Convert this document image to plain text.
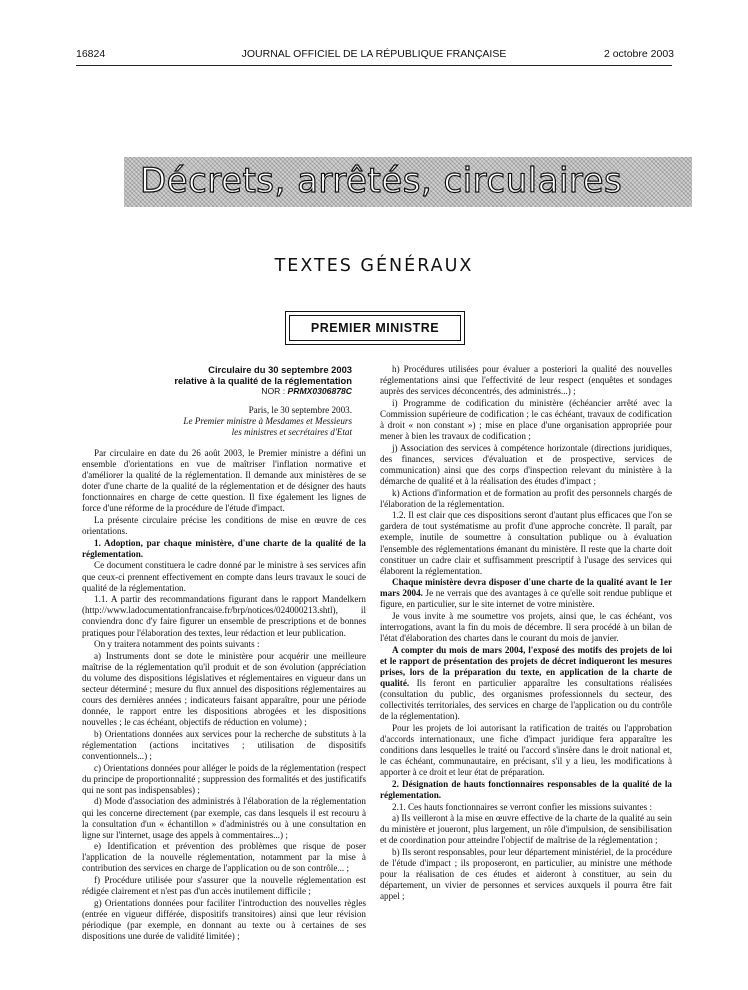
16824	JOURNAL OFFICIEL DE LA RÉPUBLIQUE FRANÇAISE	2 octobre 2003
Décrets, arrêtés, circulaires
TEXTES GÉNÉRAUX
PREMIER MINISTRE
Circulaire du 30 septembre 2003
relative à la qualité de la réglementation
NOR : PRMX0306878C
Paris, le 30 septembre 2003.
Le Premier ministre à Mesdames et Messieurs
les ministres et secrétaires d'Etat

Par circulaire en date du 26 août 2003, le Premier ministre a défini un ensemble d'orientations en vue de maîtriser l'inflation normative et d'améliorer la qualité de la réglementation. Il demande aux ministères de se doter d'une charte de la qualité de la réglementation et de désigner des hauts fonctionnaires en charge de cette question. Il fixe également les lignes de force d'une réforme de la procédure de l'étude d'impact.

La présente circulaire précise les conditions de mise en œuvre de ces orientations.

1. Adoption, par chaque ministère, d'une charte de la qualité de la réglementation.

Ce document constituera le cadre donné par le ministre à ses services afin que ceux-ci prennent effectivement en compte dans leurs travaux le souci de qualité de la réglementation.

1.1. A partir des recommandations figurant dans le rapport Mandelkern (http://www.ladocumentationfrancaise.fr/brp/notices/024000213.shtl), il conviendra donc d'y faire figurer un ensemble de prescriptions et de bonnes pratiques pour l'élaboration des textes, leur rédaction et leur publication.

On y traitera notamment des points suivants :

a) Instruments dont se dote le ministère pour acquérir une meilleure maîtrise de la réglementation qu'il produit et de son évolution (appréciation du volume des dispositions législatives et réglementaires en vigueur dans un secteur déterminé ; mesure du flux annuel des dispositions réglementaires au cours des dernières années ; indicateurs faisant apparaître, pour une période donnée, le rapport entre les dispositions abrogées et les dispositions nouvelles ; le cas échéant, objectifs de réduction en volume) ;

b) Orientations données aux services pour la recherche de substituts à la réglementation (actions incitatives ; utilisation de dispositifs conventionnels...) ;

c) Orientations données pour alléger le poids de la réglementation (respect du principe de proportionnalité ; suppression des formalités et des justificatifs qui ne sont pas indispensables) ;

d) Mode d'association des administrés à l'élaboration de la réglementation qui les concerne directement (par exemple, cas dans lesquels il est recouru à la consultation d'un « échantillon » d'administrés ou à une consultation en ligne sur l'internet, usage des appels à commentaires...) ;

e) Identification et prévention des problèmes que risque de poser l'application de la nouvelle réglementation, notamment par la mise à contribution des services en charge de l'application ou de son contrôle... ;

f) Procédure utilisée pour s'assurer que la nouvelle réglementation est rédigée clairement et n'est pas d'un accès inutilement difficile ;

g) Orientations données pour faciliter l'introduction des nouvelles règles (entrée en vigueur différée, dispositifs transitoires) ainsi que leur révision périodique (par exemple, en donnant au texte ou à certaines de ses dispositions une durée de validité limitée) ;

h) Procédures utilisées pour évaluer a posteriori la qualité des nouvelles réglementations ainsi que l'effectivité de leur respect (enquêtes et sondages auprès des services déconcentrés, des administrés...) ;

i) Programme de codification du ministère (échéancier arrêté avec la Commission supérieure de codification ; le cas échéant, travaux de codification à droit « non constant ») ; mise en place d'une organisation appropriée pour mener à bien les travaux de codification ;

j) Association des services à compétence horizontale (directions juridiques, des finances, services d'évaluation et de prospective, services de communication) ainsi que des corps d'inspection relevant du ministère à la démarche de qualité et à la réalisation des études d'impact ;

k) Actions d'information et de formation au profit des personnels chargés de l'élaboration de la réglementation.

1.2. Il est clair que ces dispositions seront d'autant plus efficaces que l'on se gardera de tout systématisme au profit d'une approche concrète. Il paraît, par exemple, inutile de soumettre à consultation publique ou à évaluation l'ensemble des réglementations émanant du ministère. Il reste que la charte doit constituer un cadre clair et suffisamment prescriptif à l'usage des services qui élaborent la réglementation.

Chaque ministère devra disposer d'une charte de la qualité avant le 1er mars 2004. Je ne verrais que des avantages à ce qu'elle soit rendue publique et figure, en particulier, sur le site internet de votre ministère.

Je vous invite à me soumettre vos projets, ainsi que, le cas échéant, vos interrogations, avant la fin du mois de décembre. Il sera procédé à un bilan de l'état d'élaboration des chartes dans le courant du mois de janvier.

A compter du mois de mars 2004, l'exposé des motifs des projets de loi et le rapport de présentation des projets de décret indiqueront les mesures prises, lors de la préparation du texte, en application de la charte de qualité. Ils feront en particulier apparaître les consultations réalisées (consultation du public, des organismes professionnels du secteur, des collectivités territoriales, des services en charge de l'application ou du contrôle de la réglementation).

Pour les projets de loi autorisant la ratification de traités ou l'approbation d'accords internationaux, une fiche d'impact juridique fera apparaître les conditions dans lesquelles le traité ou l'accord s'insère dans le droit national et, le cas échéant, communautaire, en précisant, s'il y a lieu, les modifications à apporter à ce droit et leur état de préparation.

2. Désignation de hauts fonctionnaires responsables de la qualité de la réglementation.

2.1. Ces hauts fonctionnaires se verront confier les missions suivantes :

a) Ils veilleront à la mise en œuvre effective de la charte de la qualité au sein du ministère et joueront, plus largement, un rôle d'impulsion, de sensibilisation et de coordination pour atteindre l'objectif de maîtrise de la réglementation ;

b) Ils seront responsables, pour leur département ministériel, de la procédure de l'étude d'impact ; ils proposeront, en particulier, au ministre une méthode pour la réalisation de ces études et aideront à constituer, au sein du département, un vivier de personnes et services auxquels il pourra être fait appel ;
